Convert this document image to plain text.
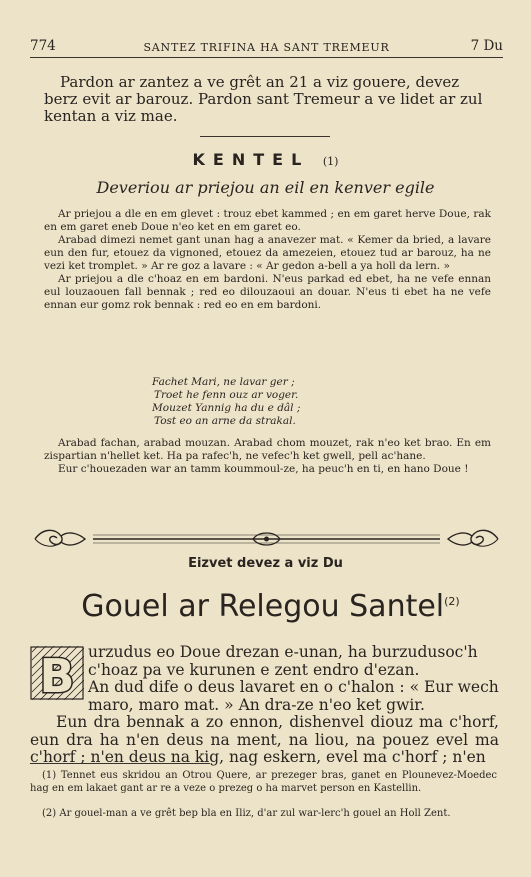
774	SANTEZ TRIFINA HA SANT TREMEUR	7 Du
Pardon ar zantez a ve grêt an 21 a viz gouere, devez berz evit ar barouz. Pardon sant Tremeur a ve lidet ar zul kentan a viz mae.
KENTEL (1)
Deveriou ar priejou an eil en kenver egile

Ar priejou a dle en em glevet : trouz ebet kammed ; en em garet herve Doue, rak en em garet eneb Doue n'eo ket en em garet eo.

Arabad dimezi nemet gant unan hag a anavezer mat. « Kemer da bried, a lavare eun den fur, etouez da vignoned, etouez da amezeien, etouez tud ar barouz, ha ne vezi ket tromplet. » Ar re goz a lavare : « Ar gedon a-bell a ya holl da lern. »

Ar priejou a dle c'hoaz en em bardoni. N'eus parkad ed ebet, ha ne vefe ennan eul louzaouen fall bennak ; red eo dilouzaoui an douar. N'eus ti ebet ha ne vefe ennan eur gomz rok bennak : red eo en em bardoni.

Fachet Mari, ne lavar ger ;
Troet he fenn ouz ar voger.
Mouzet Yannig ha du e dâl ;
Tost eo an arne da strakal.

Arabad fachan, arabad mouzan. Arabad chom mouzet, rak n'eo ket brao. En em zispartian n'hellet ket. Ha pa rafec'h, ne vefec'h ket gwell, pell ac'hane.

Eur c'houezaden war an tamm koummoul-ze, ha peuc'h en ti, en hano Doue !

Eizvet devez a viz Du
Gouel ar Relegou Santel$^{(2)}$
B urzudus eo Doue drezan e-unan, ha burzudusoc'h
c'hoaz pa ve kurunen e zent endro d'ezan.
An dud dife o deus lavaret en o c'halon : « Eur wech
maro, maro mat. » An dra-ze n'eo ket gwir.

Eun dra bennak a zo ennon, dishenvel diouz ma c'horf, eun dra ha n'en deus na ment, na liou, na pouez evel ma c'horf ; n'en deus na kig, nag eskern, evel ma c'horf ; n'en

(1) Tennet eus skridou an Otrou Quere, ar prezeger bras, ganet en Plounevez-Moedec hag en em lakaet gant ar re a veze o prezeg o ha marvet person en Kastellin.

(2) Ar gouel-man a ve grêt bep bla en Iliz, d'ar zul war-lerc'h gouel an Holl Zent.
